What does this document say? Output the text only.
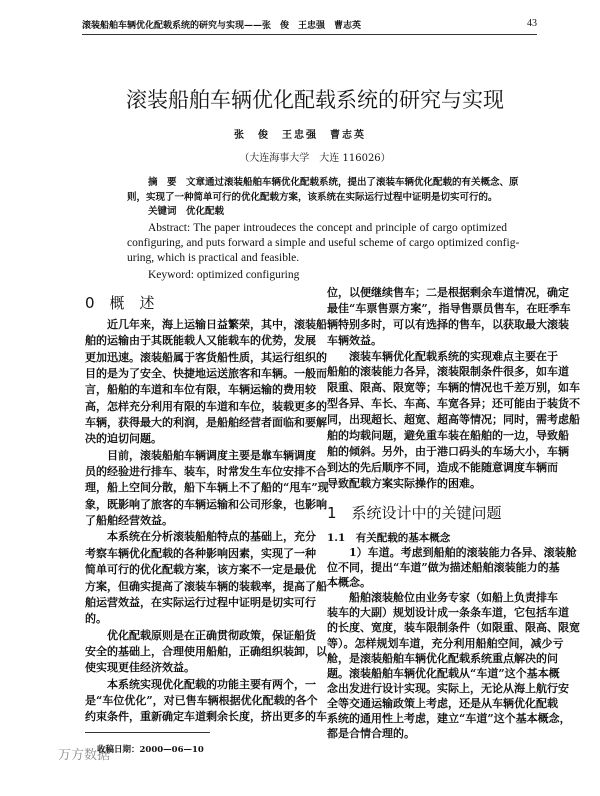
滚装船舶车辆优化配载系统的研究与实现——张　俊　王忠强　曹志英	43
滚装船舶车辆优化配载系统的研究与实现
张　俊　王忠强　曹志英
（大连海事大学　大连 116026）
摘　要　文章通过滚装船舶车辆优化配载系统，提出了滚装车辆优化配载的有关概念、原
则，实现了一种简单可行的优化配载方案，该系统在实际运行过程中证明是切实可行的。
关键词　优化配载
Abstract: The paper introudeces the concept and principle of cargo optimized
configuring, and puts forward a simple and useful scheme of cargo optimized config-
uring, which is practical and feasible.
Keyword: optimized configuring
0　概　述
近几年来，海上运输日益繁荣，其中，滚装船
舶的运输由于其既能载人又能载车的优势，发展
更加迅速。滚装船属于客货船性质，其运行组织的
目的是为了安全、快捷地运送旅客和车辆。一般而
言，船舶的车道和车位有限，车辆运输的费用较
高，怎样充分利用有限的车道和车位，装载更多的
车辆，获得最大的利润，是船舶经营者面临和要解
决的迫切问题。
目前，滚装船舶车辆调度主要是靠车辆调度
员的经验进行排车、装车，时常发生车位安排不合
理，船上空间分散，船下车辆上不了船的“甩车”现
象，既影响了旅客的车辆运输和公司形象，也影响
了船舶经营效益。
本系统在分析滚装船舶特点的基础上，充分
考察车辆优化配载的各种影响因素，实现了一种
简单可行的优化配载方案，该方案不一定是最优
方案，但确实提高了滚装车辆的装载率，提高了船
舶运营效益，在实际运行过程中证明是切实可行
的。
优化配载原则是在正确贯彻政策，保证船货
安全的基础上，合理使用船舶，正确组织装卸，以
使实现更佳经济效益。
本系统实现优化配载的功能主要有两个，一
是“车位优化”，对已售车辆根据优化配载的各个
约束条件，重新确定车道剩余长度，挤出更多的车
位，以便继续售车；二是根据剩余车道情况，确定
最佳“车票售票方案”，指导售票员售车，在旺季车
辆特别多时，可以有选择的售车，以获取最大滚装
车辆效益。
滚装车辆优化配载系统的实现难点主要在于
船舶的滚装能力各异，滚装限制条件很多，如车道
限重、限高、限宽等；车辆的情况也千差万别，如车
型各异、车长、车高、车宽各异；还可能由于装货不
同，出现超长、超宽、超高等情况；同时，需考虑船
舶的均载问题，避免重车装在船舶的一边，导致船
舶的倾斜。另外，由于港口码头的车场大小，车辆
到达的先后顺序不同，造成不能随意调度车辆而
导致配载方案实际操作的困难。
1　系统设计中的关键问题
1.1　有关配载的基本概念
1）车道。考虑到船舶的滚装能力各异、滚装舱
位不同，提出“车道”做为描述船舶滚装能力的基
本概念。
船舶滚装舱位由业务专家（如船上负责排车
装车的大副）规划设计成一条条车道，它包括车道
的长度、宽度，装车限制条件（如限重、限高、限宽
等）。怎样规划车道，充分利用船舶空间，减少亏
舱，是滚装船舶车辆优化配载系统重点解决的问
题。滚装船舶车辆优化配载从“车道”这个基本概
念出发进行设计实现。实际上，无论从海上航行安
全等交通运输政策上考虑，还是从车辆优化配载
系统的通用性上考虑，建立“车道”这个基本概念，
都是合情合理的。
万方数据
收稿日期：2000—06—10
